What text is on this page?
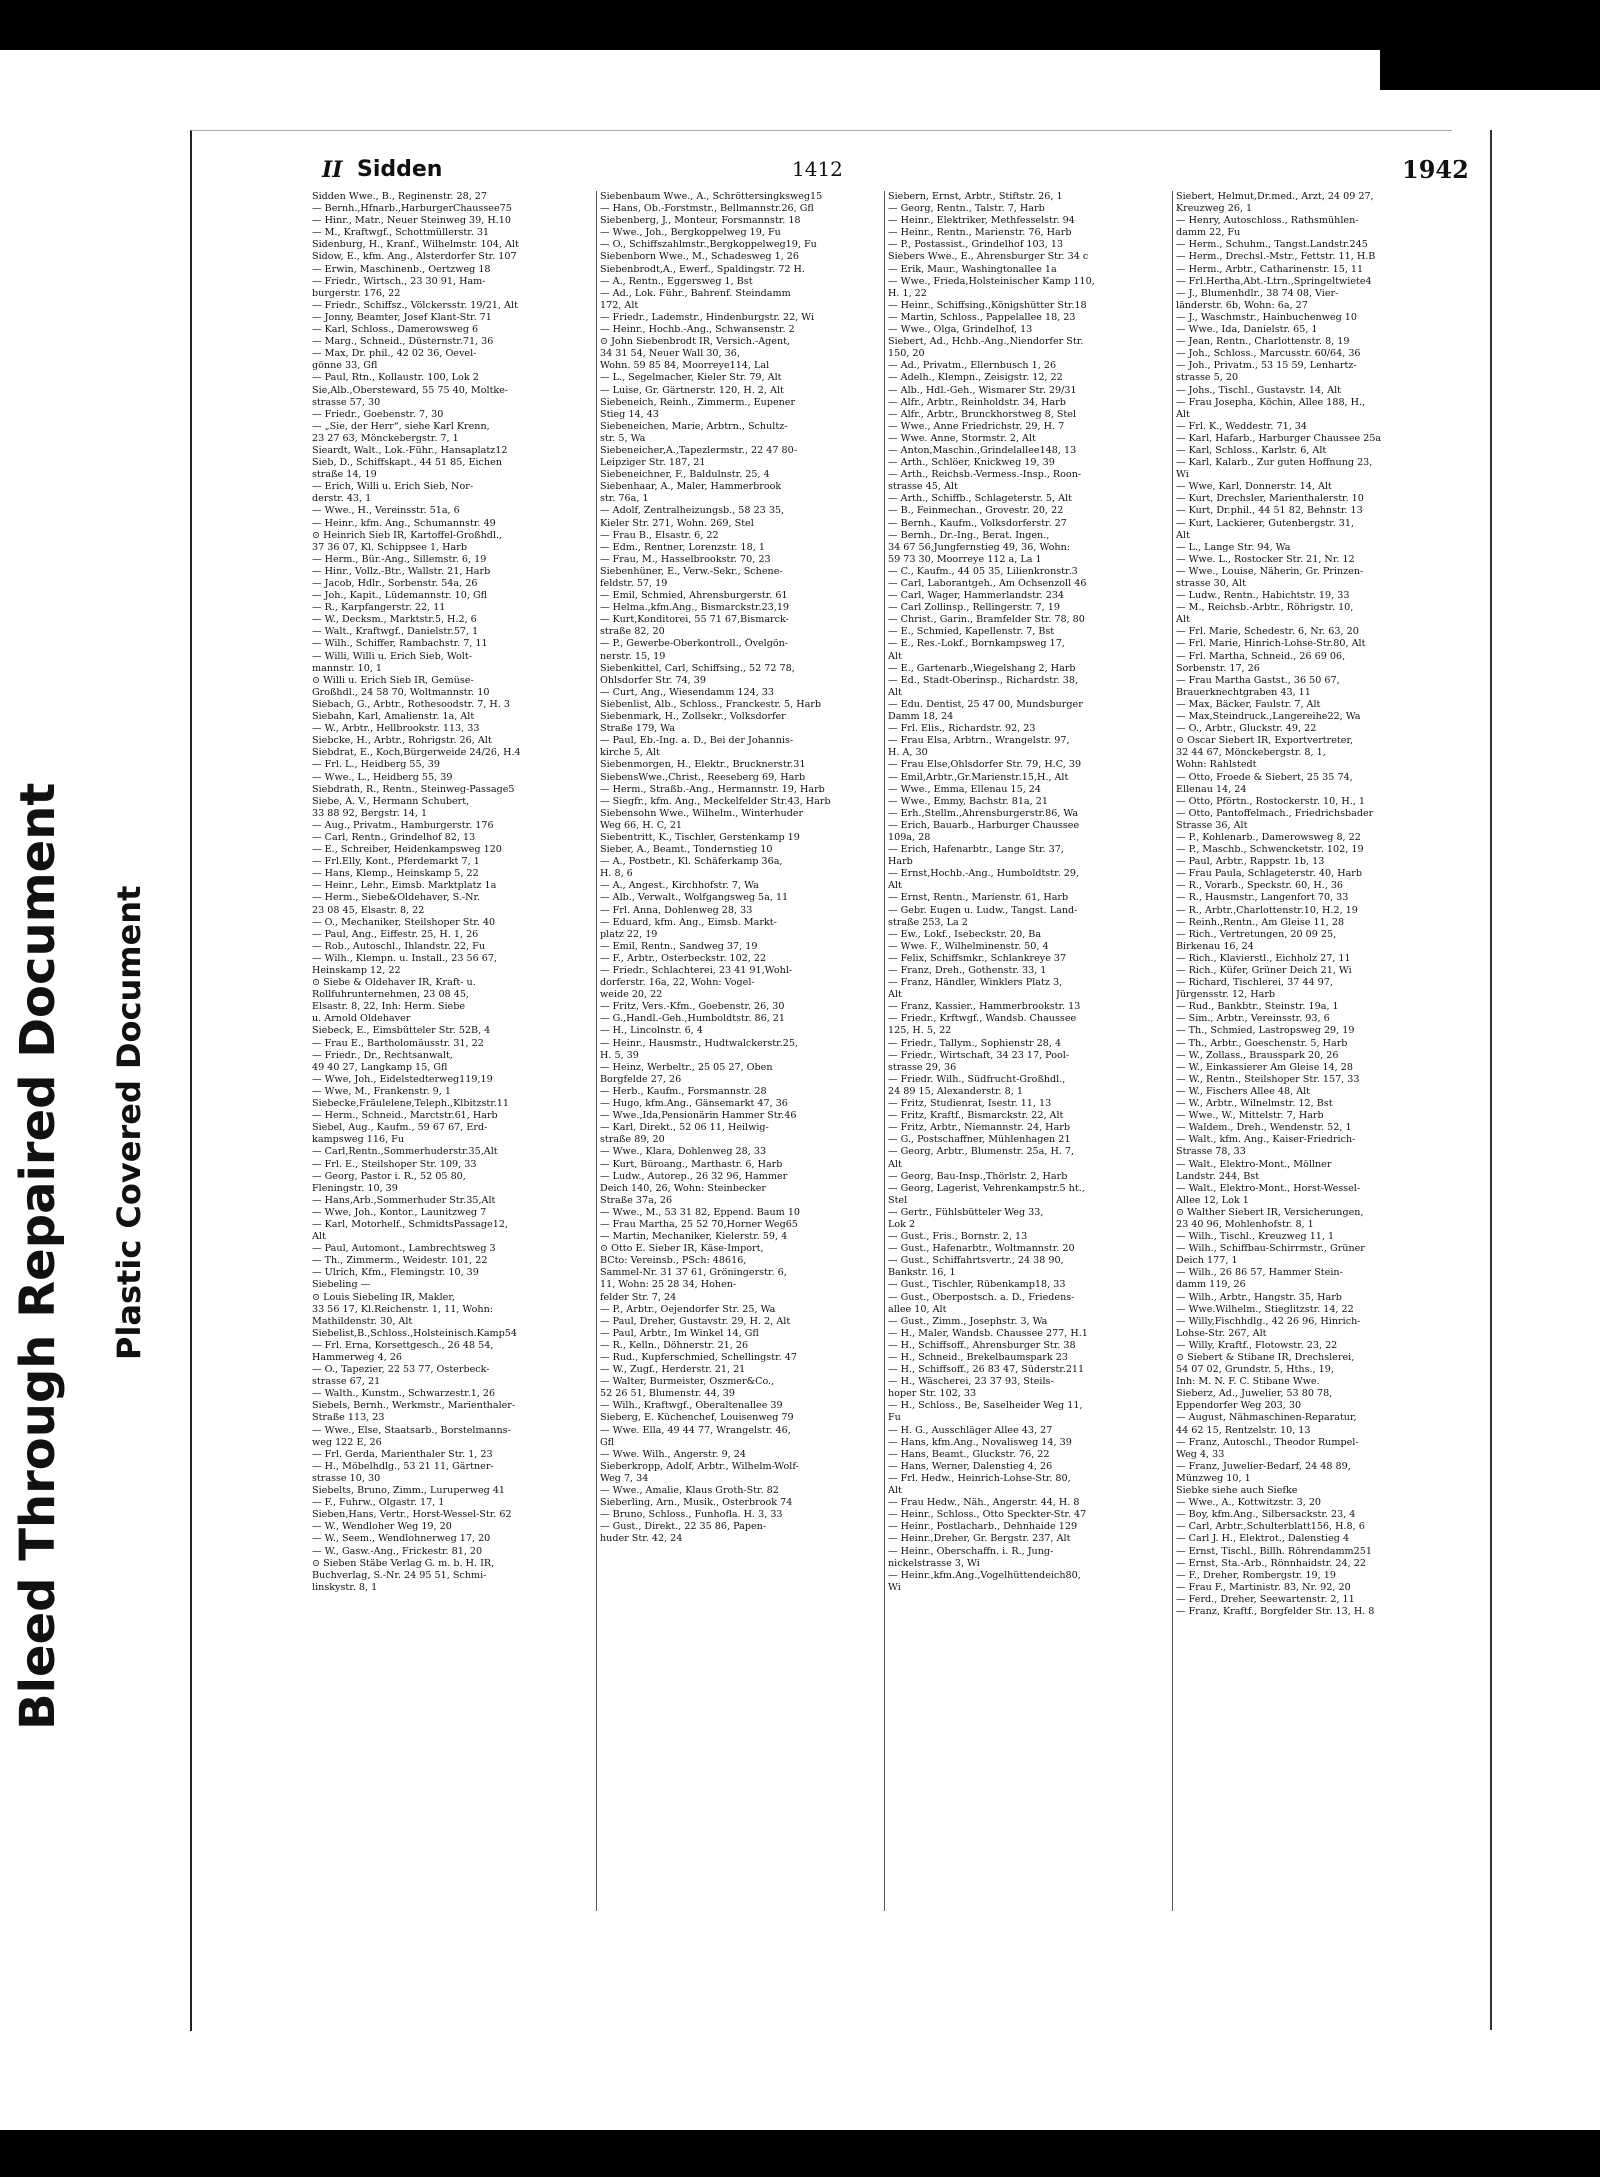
Bleed Through Repaired Document Plastic Covered Document
II Sidden	1412	1942
Sidden Wwe., B., Reginenstr. 28, 27
— Bernh.,Hfnarb.,HarburgerChaussee75
— Hinr., Matr., Neuer Steinweg 39, H.10
— M., Kraftwgf., Schottmüllerstr. 31
Sidenburg, H., Kranf., Wilhelmstr. 104, Alt
Sidow, E., kfm. Ang., Alsterdorfer Str. 107
— Erwin, Maschinenb., Oertzweg 18
— Friedr., Wirtsch., 23 30 91, Ham-
burgerstr. 176, 22
— Friedr., Schiffsz., Völckersstr. 19/21, Alt
— Jonny, Beamter, Josef Klant-Str. 71
— Karl, Schloss., Damerowsweg 6
— Marg., Schneid., Düsternstr.71, 36
— Max, Dr. phil., 42 02 36, Oevel-
gönne 33, Gfl
— Paul, Rtn., Kollaustr. 100, Lok 2
Sie,Alb.,Obersteward, 55 75 40, Moltke-
strasse 57, 30
— Friedr., Goebenstr. 7, 30
— „Sie, der Herr“, siehe Karl Krenn,
23 27 63, Mönckebergstr. 7, 1
Sieardt, Walt., Lok.-Führ., Hansaplatz12
Sieb, D., Schiffskapt., 44 51 85, Eichen
straße 14, 19
— Erich, Willi u. Erich Sieb, Nor-
derstr. 43, 1
— Wwe., H., Vereinsstr. 51a, 6
— Heinr., kfm. Ang., Schumannstr. 49
⊙ Heinrich Sieb IR, Kartoffel-Großhdl.,
37 36 07, Kl. Schippsee 1, Harb
— Herm., Bür.-Ang., Sillemstr. 6, 19
— Hinr., Vollz.-Btr., Wallstr. 21, Harb
— Jacob, Hdlr., Sorbenstr. 54a, 26
— Joh., Kapit., Lüdemannstr. 10, Gfl
— R., Karpfangerstr. 22, 11
— W., Decksm., Marktstr.5, H.2, 6
— Walt., Kraftwgf., Danielstr.57, 1
— Wilh., Schiffer, Rambachstr. 7, 11
— Willi, Willi u. Erich Sieb, Wolt-
mannstr. 10, 1
⊙ Willi u. Erich Sieb IR, Gemüse-
Großhdl., 24 58 70, Woltmannstr. 10
Siebach, G., Arbtr., Rothesoodstr. 7, H. 3
Siebahn, Karl, Amalienstr. 1a, Alt
— W., Arbtr., Hellbrookstr. 113, 33
Siebcke, H., Arbtr., Rohrigstr. 26, Alt
Siebdrat, E., Koch,Bürgerweide 24/26, H.4
— Frl. L., Heidberg 55, 39
— Wwe., L., Heidberg 55, 39
Siebdrath, R., Rentn., Steinweg-Passage5
Siebe, A. V., Hermann Schubert,
33 88 92, Bergstr. 14, 1
— Aug., Privatm., Hamburgerstr. 176
— Carl, Rentn., Grindelhof 82, 13
— E., Schreiber, Heidenkampsweg 120
— Frl.Elly, Kont., Pferdemarkt 7, 1
— Hans, Klemp., Heinskamp 5, 22
— Heinr., Lehr., Eimsb. Marktplatz 1a
— Herm., Siebe&Oldehaver, S.-Nr.
23 08 45, Elsastr. 8, 22
— O., Mechaniker, Steilshoper Str. 40
— Paul, Ang., Eiffestr. 25, H. 1, 26
— Rob., Autoschl., Ihlandstr. 22, Fu
— Wilh., Klempn. u. Install., 23 56 67,
Heinskamp 12, 22
⊙ Siebe & Oldehaver IR, Kraft- u.
Rollfuhrunternehmen, 23 08 45,
Elsastr. 8, 22, Inh: Herm. Siebe
u. Arnold Oldehaver
Siebeck, E., Eimsbütteler Str. 52B, 4
— Frau E., Bartholomäusstr. 31, 22
— Friedr., Dr., Rechtsanwalt,
49 40 27, Langkamp 15, Gfl
— Wwe, Joh., Eidelstedterweg119,19
— Wwe, M., Frankenstr. 9, 1
Siebecke,Fräulelene,Teleph.,Klbitzstr.11
— Herm., Schneid., Marctstr.61, Harb
Siebel, Aug., Kaufm., 59 67 67, Erd-
kampsweg 116, Fu
— Carl,Rentn.,Sommerhuderstr.35,Alt
— Frl. E., Steilshoper Str. 109, 33
— Georg, Pastor i. R., 52 05 80,
Fleningstr. 10, 39
— Hans,Arb.,Sommerhuder Str.35,Alt
— Wwe, Joh., Kontor., Launitzweg 7
— Karl, Motorhelf., SchmidtsPassage12,
Alt
— Paul, Automont., Lambrechtsweg 3
— Th., Zimmerm., Weidestr. 101, 22
— Ulrich, Kfm., Flemingstr. 10, 39
Siebeling —
⊙ Louis Siebeling IR, Makler,
33 56 17, Kl.Reichenstr. 1, 11, Wohn:
Mathildenstr. 30, Alt
Siebelist,B.,Schloss.,Holsteinisch.Kamp54
— Frl. Erna, Korsettgesch., 26 48 54,
Hammerweg 4, 26
— O., Tapezier, 22 53 77, Osterbeck-
strasse 67, 21
— Walth., Kunstm., Schwarzestr.1, 26
Siebels, Bernh., Werkmstr., Marienthaler-
Straße 113, 23
— Wwe., Else, Staatsarb., Borstelmanns-
weg 122 E, 26
— Frl. Gerda, Marienthaler Str. 1, 23
— H., Möbelhdlg., 53 21 11, Gärtner-
strasse 10, 30
Siebelts, Bruno, Zimm., Luruperweg 41
— F., Fuhrw., Olgastr. 17, 1
Sieben,Hans, Vertr., Horst-Wessel-Str. 62
— W., Wendlоher Weg 19, 20
— W., Seem., Wendlohnerweg 17, 20
— W., Gasw.-Ang., Frickestr. 81, 20
⊙ Sieben Stäbe Verlag G. m. b. H. IR,
Buchverlag, S.-Nr. 24 95 51, Schmi-
linskystr. 8, 1
Siebenbaum Wwe., A., Schröttersingksweg15
— Hans, Ob.-Forstmstr., Bellmannstr.26, Gfl
Siebenberg, J., Monteur, Forsmannstr. 18
— Wwe., Joh., Bergkoppelweg 19, Fu
— O., Schiffszahlmstr.,Bergkoppelweg19, Fu
Siebenborn Wwe., M., Schadesweg 1, 26
Siebenbrodt,A., Ewerf., Spaldingstr. 72 H.
— A., Rentn., Eggersweg 1, Bst
— Ad., Lok. Führ., Bahrenf. Steindamm
172, Alt
— Friedr., Lademstr., Hindenburgstr. 22, Wi
— Heinr., Hochb.-Ang., Schwansenstr. 2
⊙ John Siebenbrodt IR, Versich.-Agent,
34 31 54, Neuer Wall 30, 36,
Wohn. 59 85 84, Moorreye114, Lal
— L., Segelmacher, Kieler Str. 79, Alt
— Luise, Gr. Gärtnerstr. 120, H. 2, Alt
Siebeneich, Reinh., Zimmerm., Eupener
Stieg 14, 43
Siebeneichen, Marie, Arbtrn., Schultz-
str. 5, Wa
Siebeneicher,A.,Tapezlermstr., 22 47 80-
Leipziger Str. 187, 21
Siebeneichner, F., Baldulnstr. 25, 4
Siebenhaar, A., Maler, Hammerbrook
str. 76a, 1
— Adolf, Zentralheizungsb., 58 23 35,
Kieler Str. 271, Wohn. 269, Stel
— Frau B., Elsastr. 6, 22
— Edm., Rentner, Lorenzstr. 18, 1
— Frau, M., Hasselbrookstr. 70, 23
Siebenhüner, E., Verw.-Sekr., Schene-
feldstr. 57, 19
— Emil, Schmied, Ahrensburgerstr. 61
— Helma.,kfm.Ang., Bismarckstr.23,19
— Kurt,Konditorei, 55 71 67,Bismarck-
straße 82, 20
— P., Gewerbe-Oberkontroll., Övelgön-
nerstr. 15, 19
Siebenkittel, Carl, Schiffsing., 52 72 78,
Ohlsdorfer Str. 74, 39
— Curt, Ang., Wiesendamm 124, 33
Siebenlist, Alb., Schloss., Franckestr. 5, Harb
Siebenmark, H., Zollsekr., Volksdorfer
Straße 179, Wa
— Paul, Eb.-Ing. a. D., Bei der Johannis-
kirche 5, Alt
Siebenmorgen, H., Elektr., Brucknerstr.31
SiebensWwe.,Christ., Reeseberg 69, Harb
— Herm., Straßb.-Ang., Hermannstr. 19, Harb
— Siegfr., kfm. Ang., Meckelfelder Str.43, Harb
Siebensohn Wwe., Wilhelm., Winterhuder
Weg 66, H. C, 21
Siebentritt, K., Tischler, Gerstenkamp 19
Sieber, A., Beamt., Tondernstieg 10
— A., Postbetr., Kl. Schäferkamp 36a,
H. 8, 6
— A., Angest., Kirchhofstr. 7, Wa
— Alb., Verwalt., Wolfgangsweg 5a, 11
— Frl. Anna, Dohlenweg 28, 33
— Eduard, kfm. Ang., Eimsb. Markt-
platz 22, 19
— Emil, Rentn., Sandweg 37, 19
— F., Arbtr., Osterbeckstr. 102, 22
— Friedr., Schlachterei, 23 41 91,Wohl-
dorferstr. 16a, 22, Wohn: Vogel-
weide 20, 22
— Fritz, Vers.-Kfm., Goebenstr. 26, 30
— G.,Handl.-Geh.,Humboldtstr. 86, 21
— H., Lincolnstr. 6, 4
— Heinr., Hausmstr., Hudtwalckerstr.25,
H. 5, 39
— Heinz, Werbeltr., 25 05 27, Oben
Borgfelde 27, 26
— Herb., Kaufm., Forsmannstr. 28
— Hugo, kfm.Ang., Gänsemarkt 47, 36
— Wwe.,Ida,Pensionärin Hammer Str.46
— Karl, Direkt., 52 06 11, Heilwig-
straße 89, 20
— Wwe., Klara, Dohlenweg 28, 33
— Kurt, Büroang., Marthastr. 6, Harb
— Ludw., Autorep., 26 32 96, Hammer
Deich 140, 26, Wohn: Steinbecker
Straße 37a, 26
— Wwe., M., 53 31 82, Eppend. Baum 10
— Frau Martha, 25 52 70,Horner Weg65
— Martin, Mechaniker, Kielerstr. 59, 4
⊙ Otto E. Sieber IR, Käse-Import,
BCto: Vereinsb., PSch: 48616,
Sammel-Nr. 31 37 61, Gröningerstr. 6,
11, Wohn: 25 28 34, Hohen-
felder Str. 7, 24
— P., Arbtr., Oejendorfer Str. 25, Wa
— Paul, Dreher, Gustavstr. 29, H. 2, Alt
— Paul, Arbtr., Im Winkel 14, Gfl
— R., Kelln., Döhnerstr. 21, 26
— Rud., Kupferschmied, Schellingstr. 47
— W., Zugf., Herderstr. 21, 21
— Walter, Burmeister, Oszmer&Co.,
52 26 51, Blumenstr. 44, 39
— Wilh., Kraftwgf., Oberaltenallee 39
Sieberg, E. Küchenchef, Louisenweg 79
— Wwe. Ella, 49 44 77, Wrangelstr. 46,
Gfl
— Wwe. Wilh., Angerstr. 9, 24
Sieberkropp, Adolf, Arbtr., Wilhelm-Wolf-
Weg 7, 34
— Wwe., Amalie, Klaus Groth-Str. 82
Sieberling, Arn., Musik., Osterbrook 74
— Bruno, Schloss., Funhofla. H. 3, 33
— Gust., Direkt., 22 35 86, Papen-
huder Str. 42, 24
Siebern, Ernst, Arbtr., Stiftstr. 26, 1
— Georg, Rentn., Talstr. 7, Harb
— Heinr., Elektriker, Methfesselstr. 94
— Heinr., Rentn., Marienstr. 76, Harb
— P., Postassist., Grindelhof 103, 13
Siebers Wwe., E., Ahrensburger Str. 34 c
— Erik, Maur., Washingtonallee 1a
— Wwe., Frieda,Holsteinischer Kamp 110,
H. 1, 22
— Heinr., Schiffsing.,Königshütter Str.18
— Martin, Schloss., Pappelallee 18, 23
— Wwe., Olga, Grindelhof, 13
Siebert, Ad., Hchb.-Ang.,Niendorfer Str.
150, 20
— Ad., Privatm., Ellernbusch 1, 26
— Adelh., Klempn., Zeisigstr. 12, 22
— Alb., Hdl.-Geh., Wismarer Str. 29/31
— Alfr., Arbtr., Reinholdstr. 34, Harb
— Alfr., Arbtr., Brunckhorstweg 8, Stel
— Wwe., Anne Friedrichstr. 29, H. 7
— Wwe. Anne, Stormstr. 2, Alt
— Anton,Maschin.,Grindelallee148, 13
— Arth., Schlöer, Knickweg 19, 39
— Arth., Reichsb.-Vermess.-Insp., Roon-
strasse 45, Alt
— Arth., Schiffb., Schlageterstr. 5, Alt
— B., Feinmechan., Grovestr. 20, 22
— Bernh., Kaufm., Volksdorferstr. 27
— Bernh., Dr.-Ing., Berat. Ingen.,
34 67 56,Jungfernstieg 49, 36, Wohn:
59 73 30, Moorreye 112 a, La 1
— C., Kaufm., 44 05 35, Lilienkronstr.3
— Carl, Laborantgeh., Am Ochsenzoll 46
— Carl, Wager, Hammerlandstr. 234
— Carl Zollinsp., Rellingerstr. 7, 19
— Christ., Garin., Bramfelder Str. 78, 80
— E., Schmied, Kapellenstr. 7, Bst
— E., Res.-Lokf., Bornkampsweg 17,
Alt
— E., Gartenarb.,Wiegelshang 2, Harb
— Ed., Stadt-Oberinsp., Richardstr. 38,
Alt
— Edu. Dentist, 25 47 00, Mundsburger
Damm 18, 24
— Frl. Elis., Richardstr. 92, 23
— Frau Elsa, Arbtrn., Wrangelstr. 97,
H. A, 30
— Frau Else,Ohlsdorfer Str. 79, H.C, 39
— Emil,Arbtr.,Gr.Marienstr.15,H., Alt
— Wwe., Emma, Ellenau 15, 24
— Wwe., Emmy, Bachstr. 81a, 21
— Erh.,Stellm.,Ahrensburgerstr.86, Wa
— Erich, Bauarb., Harburger Chaussee
109a, 28
— Erich, Hafenarbtr., Lange Str. 37,
Harb
— Ernst,Hochb.-Ang., Humboldtstr. 29,
Alt
— Ernst, Rentn., Marienstr. 61, Harb
— Gebr. Eugen u. Ludw., Tangst. Land-
straße 253, La 2
— Ew., Lokf., Isebeckstr. 20, Ba
— Wwe. F., Wilhelminenstr. 50, 4
— Felix, Schiffsmkr., Schlankreye 37
— Franz, Dreh., Gothenstr. 33, 1
— Franz, Händler, Winklers Platz 3,
Alt
— Franz, Kassier., Hammerbrookstr. 13
— Friedr., Krftwgf., Wandsb. Chaussee
125, H. 5, 22
— Friedr., Tallym., Sophienstr 28, 4
— Friedr., Wirtschaft, 34 23 17, Pool-
strasse 29, 36
— Friedr. Wilh., Südfrucht-Großhdl.,
24 89 15, Alexanderstr. 8, 1
— Fritz, Studienrat, Isestr. 11, 13
— Fritz, Kraftf., Bismarckstr. 22, Alt
— Fritz, Arbtr., Niemannstr. 24, Harb
— G., Postschaffner, Mühlenhagen 21
— Georg, Arbtr., Blumenstr. 25a, H. 7,
Alt
— Georg, Bau-Insp.,Thörlstr. 2, Harb
— Georg, Lagerist, Vehrenkampstr.5 ht.,
Stel
— Gertr., Fühlsbütteler Weg 33,
Lok 2
— Gust., Fris., Bornstr. 2, 13
— Gust., Hafenarbtr., Woltmannstr. 20
— Gust., Schiffahrtsvertr., 24 38 90,
Bankstr. 16, 1
— Gust., Tischler, Rübenkamp18, 33
— Gust., Oberpostsch. a. D., Friedens-
allee 10, Alt
— Gust., Zimm., Josephstr. 3, Wa
— H., Maler, Wandsb. Chaussee 277, H.1
— H., Schiffsoff., Ahrensburger Str. 38
— H., Schneid., Brekelbaumspark 23
— H., Schiffsoff., 26 83 47, Süderstr.211
— H., Wäscherei, 23 37 93, Steils-
hoper Str. 102, 33
— H., Schloss., Be, Saselheider Weg 11,
Fu
— H. G., Ausschläger Allee 43, 27
— Hans, kfm.Ang., Novalisweg 14, 39
— Hans, Beamt., Gluckstr. 76, 22
— Hans, Werner, Dalenstieg 4, 26
— Frl. Hedw., Heinrich-Lohse-Str. 80,
Alt
— Frau Hedw., Näh., Angerstr. 44, H. 8
— Heinr., Schloss., Otto Speckter-Str. 47
— Heinr., Postlacharb., Dehnhaide 129
— Heinr.,Dreher, Gr. Bergstr. 237, Alt
— Heinr., Oberschaffn. i. R., Jung-
nickelstrasse 3, Wi
— Heinr.,kfm.Ang.,Vogelhüttendeich80,
Wi
Siebert, Helmut,Dr.med., Arzt, 24 09 27,
Kreuzweg 26, 1
— Henry, Autoschloss., Rathsmühlen-
damm 22, Fu
— Herm., Schuhm., Tangst.Landstr.245
— Herm., Drechsl.-Mstr., Fettstr. 11, H.B
— Herm., Arbtr., Catharinenstr. 15, 11
— Frl.Hertha,Abt.-Ltrn.,Springeltwiete4
— J., Blumenhdlr., 38 74 08, Vier-
länderstr. 6b, Wohn: 6a, 27
— J., Waschmstr., Hainbuchenweg 10
— Wwe., Ida, Danielstr. 65, 1
— Jean, Rentn., Charlottenstr. 8, 19
— Joh., Schloss., Marcusstr. 60/64, 36
— Joh., Privatm., 53 15 59, Lenhartz-
strasse 5, 20
— Johs., Tischl., Gustavstr. 14, Alt
— Frau Josepha, Köchin, Allee 188, H.,
Alt
— Frl. K., Weddestr. 71, 34
— Karl, Hafarb., Harburger Chaussee 25a
— Karl, Schloss., Karlstr. 6, Alt
— Karl, Kalarb., Zur guten Hoffnung 23,
Wi
— Wwe, Karl, Donnerstr. 14, Alt
— Kurt, Drechsler, Marienthalerstr. 10
— Kurt, Dr.phil., 44 51 82, Behnstr. 13
— Kurt, Lackierer, Gutenbergstr. 31,
Alt
— L., Lange Str. 94, Wa
— Wwe. L., Rostocker Str. 21, Nr. 12
— Wwe., Louise, Näherin, Gr. Prinzen-
strasse 30, Alt
— Ludw., Rentn., Habichtstr. 19, 33
— M., Reichsb.-Arbtr., Röhrigstr. 10,
Alt
— Frl. Marie, Schedestr. 6, Nr. 63, 20
— Frl. Marie, Hinrich-Lohse-Str.80, Alt
— Frl. Martha, Schneid., 26 69 06,
Sorbenstr. 17, 26
— Frau Martha Gastst., 36 50 67,
Brauerknechtgraben 43, 11
— Max, Bäcker, Faulstr. 7, Alt
— Max,Steindruck.,Langereihe22, Wa
— O., Arbtr., Gluckstr. 49, 22
⊙ Oscar Siebert IR, Exportvertreter,
32 44 67, Mönckebergstr. 8, 1,
Wohn: Rahlstedt
— Otto, Froede & Siebert, 25 35 74,
Ellenau 14, 24
— Otto, Pförtn., Rostockerstr. 10, H., 1
— Otto, Pantoffelmach., Friedrichsbader
Strasse 36, Alt
— P., Kohlenarb., Damerowsweg 8, 22
— P., Maschb., Schwencketstr. 102, 19
— Paul, Arbtr., Rappstr. 1b, 13
— Frau Paula, Schlageterstr. 40, Harb
— R., Vorarb., Speckstr. 60, H., 36
— R., Hausmstr., Langenfort 70, 33
— R., Arbtr.,Charlottenstr.10, H.2, 19
— Reinh.,Rentn., Am Gleise 11, 28
— Rich., Vertretungen, 20 09 25,
Birkenau 16, 24
— Rich., Klavierstl., Eichholz 27, 11
— Rich., Küfer, Grüner Deich 21, Wi
— Richard, Tischlerei, 37 44 97,
Jürgensstr. 12, Harb
— Rud., Bankbtr., Steinstr. 19a, 1
— Sim., Arbtr., Vereinsstr. 93, 6
— Th., Schmied, Lastropsweg 29, 19
— Th., Arbtr., Goeschenstr. 5, Harb
— W., Zollass., Brausspark 20, 26
— W., Einkassierer Am Gleise 14, 28
— W., Rentn., Steilshoper Str. 157, 33
— W., Fischers Allee 48, Alt
— W., Arbtr., Wilnelmstr. 12, Bst
— Wwe., W., Mittelstr. 7, Harb
— Waldem., Dreh., Wendenstr. 52, 1
— Walt., kfm. Ang., Kaiser-Friedrich-
Strasse 78, 33
— Walt., Elektro-Mont., Möllner
Landstr. 244, Bst
— Walt., Elektro-Mont., Horst-Wessel-
Allee 12, Lok 1
⊙ Walther Siebert IR, Versicherungen,
23 40 96, Mohlenhofstr. 8, 1
— Wilh., Tischl., Kreuzweg 11, 1
— Wilh., Schiffbau-Schirrmstr., Grüner
Deich 177, 1
— Wilh., 26 86 57, Hammer Stein-
damm 119, 26
— Wilh., Arbtr., Hangstr. 35, Harb
— Wwe.Wilhelm., Stieglitzstr. 14, 22
— Willy,Fischhdlg., 42 26 96, Hinrich-
Lohse-Str. 267, Alt
— Willy, Kraftf., Flotowstr. 23, 22
⊙ Siebert & Stibane IR, Drechslerei,
54 07 02, Grundstr. 5, Hths., 19,
Inh: M. N. F. C. Stibane Wwe.
Sieberz, Ad., Juwelier, 53 80 78,
Eppendorfer Weg 203, 30
— August, Nähmaschinen-Reparatur,
44 62 15, Rentzelstr. 10, 13
— Franz, Autoschl., Theodor Rumpel-
Weg 4, 33
— Franz, Juwelier-Bedarf, 24 48 89,
Münzweg 10, 1
Siebke siehe auch Siefke
— Wwe., A., Kottwitzstr. 3, 20
— Boy, kfm.Ang., Silbersackstr. 23, 4
— Carl, Arbtr.,Schulterblatt156, H.8, 6
— Carl J. H., Elektrot., Dalenstieg 4
— Ernst, Tischl., Billh. Röhrendamm251
— Ernst, Sta.-Arb., Rönnhaidstr. 24, 22
— F., Dreher, Rombergstr. 19, 19
— Frau F., Martinistr. 83, Nr. 92, 20
— Ferd., Dreher, Seewartenstr. 2, 11
— Franz, Kraftf., Borgfelder Str. 13, H. 8
